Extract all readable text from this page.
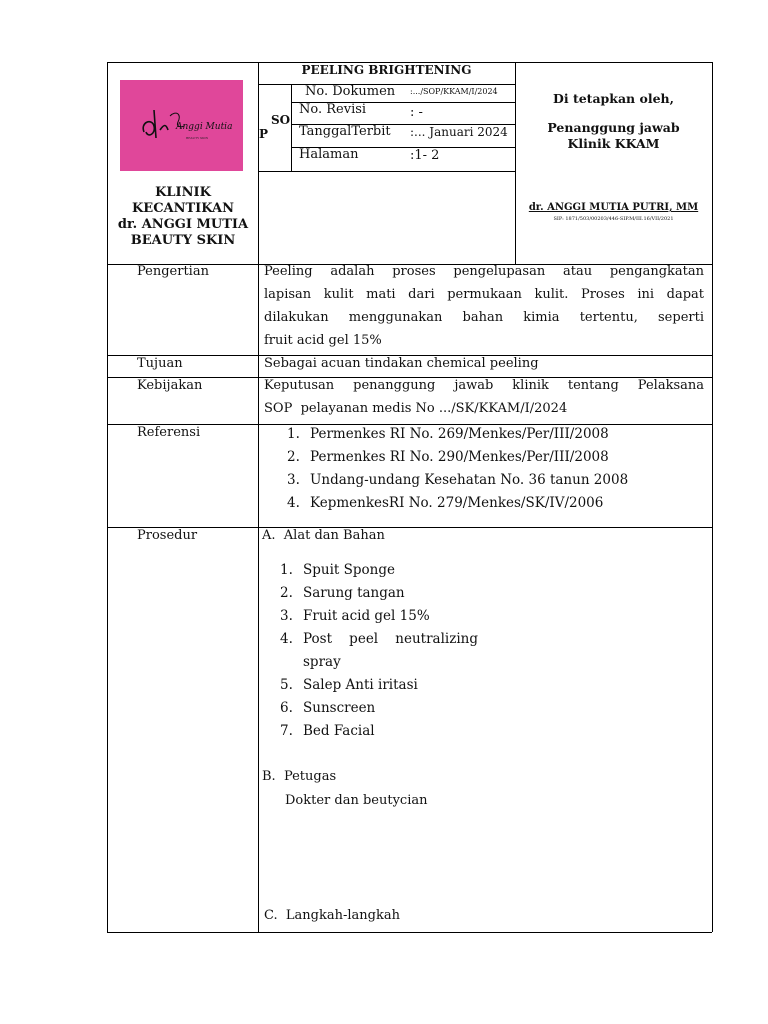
Anggi Mutia
BEAUTY SKIN
KLINIK
KECANTIKAN
dr. ANGGI MUTIA
BEAUTY SKIN
PEELING BRIGHTENING
SO
P
No. Dokumen :.../SOP/KKAM/I/2024
No. Revisi	: -
TanggalTerbit :... Januari 2024
Halaman	:1- 2
Di tetapkan oleh,
Penanggung jawab
Klinik KKAM
dr. ANGGI MUTIA PUTRI, MM
SIP: 1871/503/00203/446-SIP.M/III.16/VII/2021
Pengertian	Peeling adalah proses pengelupasan atau pengangkatan
lapisan kulit mati dari permukaan kulit. Proses ini dapat
dilakukan menggunakan bahan kimia tertentu, seperti
fruit acid gel 15%
Tujuan	Sebagai acuan tindakan chemical peeling
Kebijakan	Keputusan penanggung jawab klinik tentang Pelaksana
SOP  pelayanan medis No .../SK/KKAM/I/2024
Referensi	1. Permenkes RI No. 269/Menkes/Per/III/2008
2. Permenkes RI No. 290/Menkes/Per/III/2008
3. Undang-undang Kesehatan No. 36 tanun 2008
4. KepmenkesRI No. 279/Menkes/SK/IV/2006
Prosedur	A.  Alat dan Bahan
1. Spuit Sponge
2. Sarung tangan
3. Fruit acid gel 15%
4. Post    peel    neutralizing
spray
5. Salep Anti iritasi
6. Sunscreen
7. Bed Facial
B.  Petugas
Dokter dan beutycian
C.  Langkah-langkah
